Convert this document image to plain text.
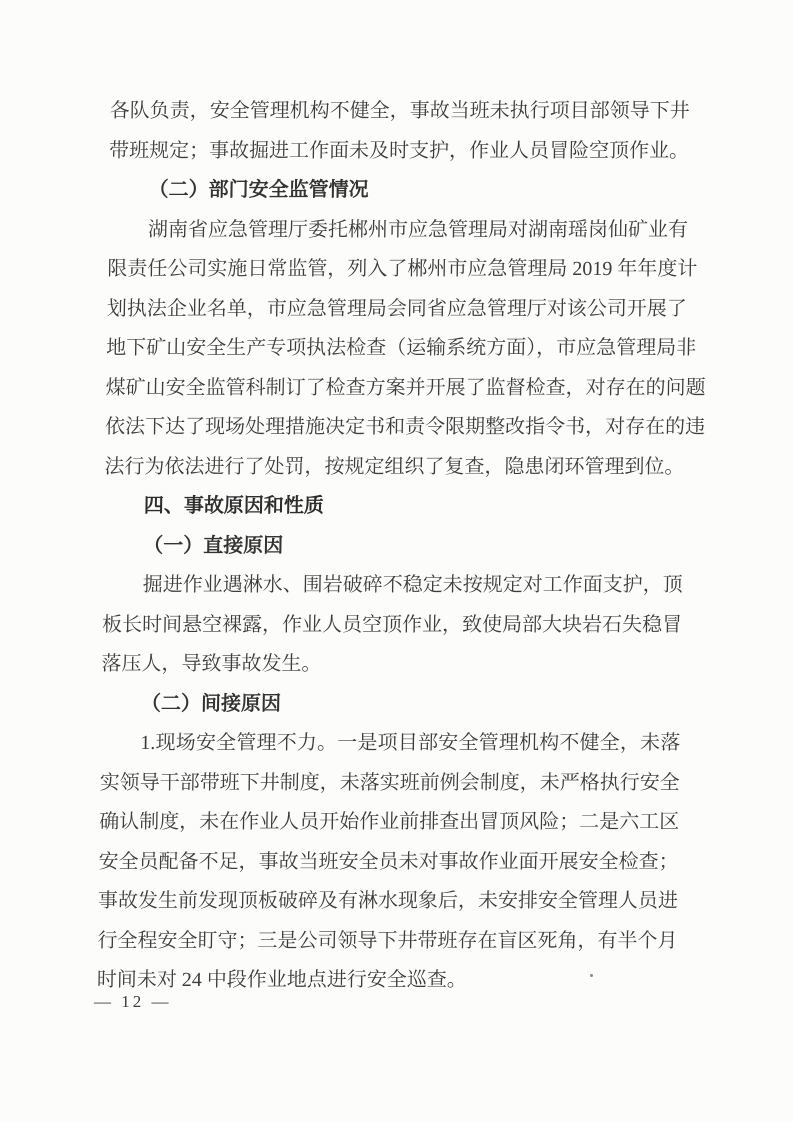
各队负责，安全管理机构不健全，事故当班未执行项目部领导下井
带班规定；事故掘进工作面未及时支护，作业人员冒险空顶作业。
（二）部门安全监管情况
湖南省应急管理厅委托郴州市应急管理局对湖南瑶岗仙矿业有
限责任公司实施日常监管，列入了郴州市应急管理局 2019 年年度计
划执法企业名单，市应急管理局会同省应急管理厅对该公司开展了
地下矿山安全生产专项执法检查（运输系统方面），市应急管理局非
煤矿山安全监管科制订了检查方案并开展了监督检查，对存在的问题
依法下达了现场处理措施决定书和责令限期整改指令书，对存在的违
法行为依法进行了处罚，按规定组织了复查，隐患闭环管理到位。
四、事故原因和性质
（一）直接原因
掘进作业遇淋水、围岩破碎不稳定未按规定对工作面支护，顶
板长时间悬空裸露，作业人员空顶作业，致使局部大块岩石失稳冒
落压人，导致事故发生。
（二）间接原因
1.现场安全管理不力。一是项目部安全管理机构不健全，未落
实领导干部带班下井制度，未落实班前例会制度，未严格执行安全
确认制度，未在作业人员开始作业前排查出冒顶风险；二是六工区
安全员配备不足，事故当班安全员未对事故作业面开展安全检查；
事故发生前发现顶板破碎及有淋水现象后，未安排安全管理人员进
行全程安全盯守；三是公司领导下井带班存在盲区死角，有半个月
时间未对 24 中段作业地点进行安全巡查。
— 12 —
